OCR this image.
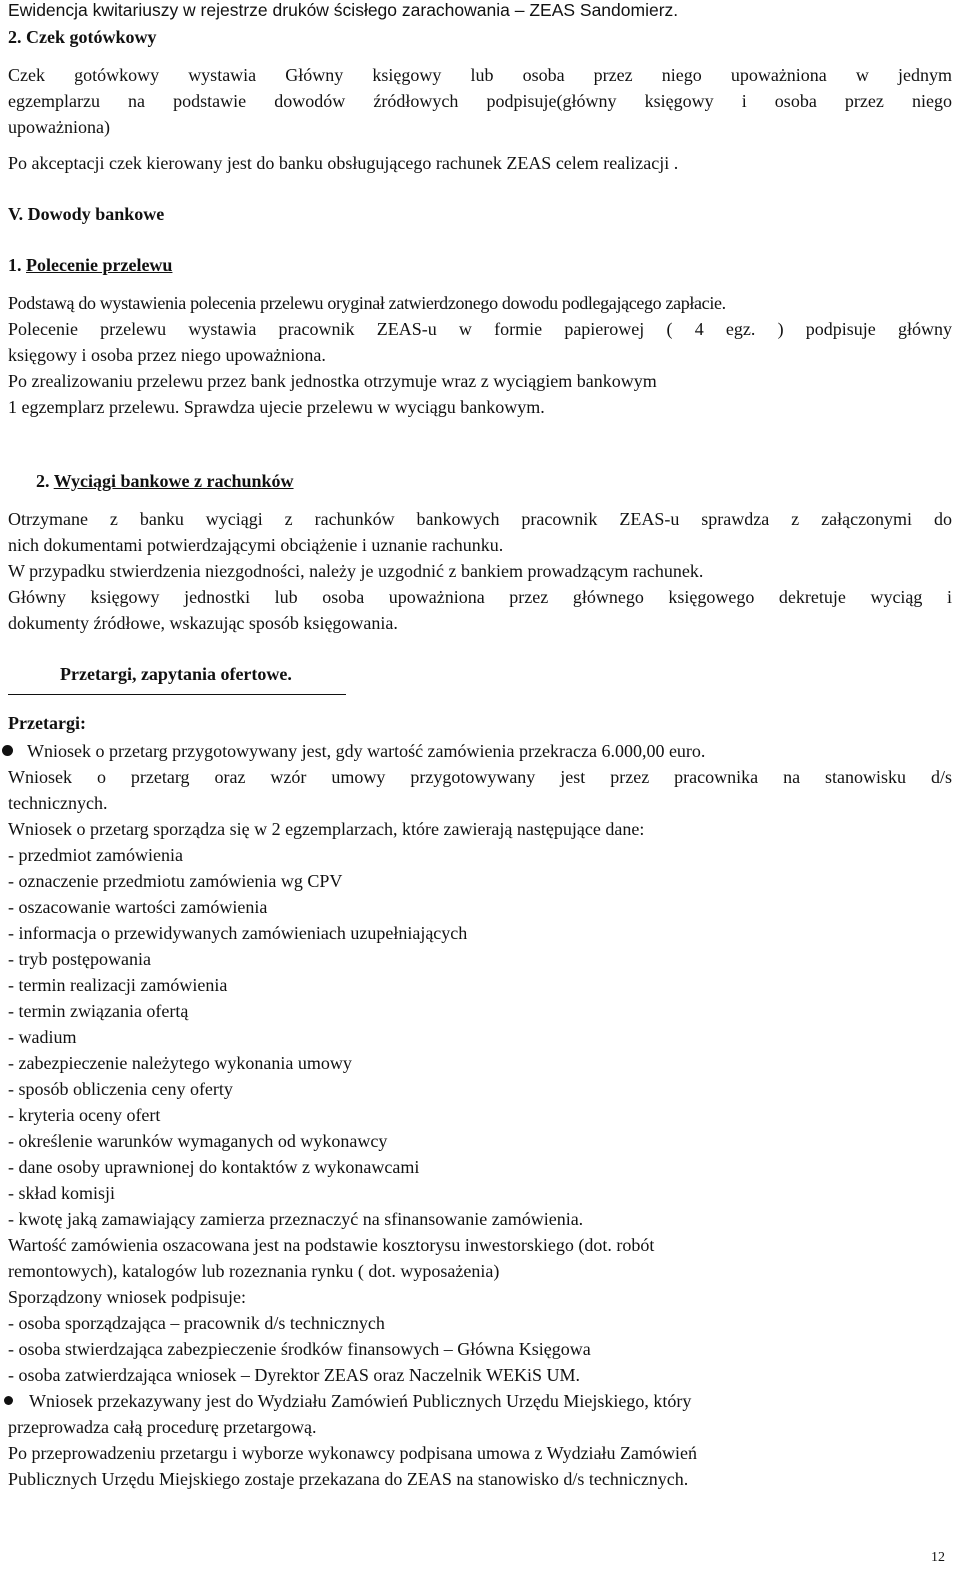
Ewidencja kwitariuszy w rejestrze druków ścisłego zarachowania – ZEAS Sandomierz.
2. Czek gotówkowy
Czek gotówkowy wystawia Główny księgowy lub osoba przez niego upoważniona w jednym
egzemplarzu na podstawie dowodów źródłowych podpisuje(główny księgowy i osoba przez niego
upoważniona)
Po akceptacji czek kierowany jest do banku obsługującego rachunek ZEAS celem realizacji .
V. Dowody bankowe
1. Polecenie przelewu
Podstawą do wystawienia polecenia przelewu oryginał zatwierdzonego dowodu podlegającego zapłacie.
Polecenie przelewu wystawia pracownik ZEAS-u w formie papierowej ( 4 egz. ) podpisuje główny
księgowy i osoba przez niego upoważniona.
Po zrealizowaniu przelewu przez bank jednostka otrzymuje wraz z wyciągiem bankowym
1 egzemplarz przelewu. Sprawdza ujecie przelewu w wyciągu bankowym.
2. Wyciągi bankowe z rachunków
Otrzymane z banku wyciągi z rachunków bankowych pracownik ZEAS-u sprawdza z załączonymi do
nich dokumentami potwierdzającymi obciążenie i uznanie rachunku.
W przypadku stwierdzenia niezgodności, należy je uzgodnić z bankiem prowadzącym rachunek.
Główny księgowy jednostki lub osoba upoważniona przez głównego księgowego dekretuje wyciąg i
dokumenty źródłowe, wskazując sposób księgowania.
Przetargi, zapytania ofertowe.
Przetargi:
Wniosek o przetarg przygotowywany jest, gdy wartość zamówienia przekracza 6.000,00 euro.
Wniosek o przetarg oraz wzór umowy przygotowywany jest przez pracownika na stanowisku d/s
technicznych.
Wniosek o przetarg sporządza się w 2 egzemplarzach, które zawierają następujące dane:
- przedmiot zamówienia
- oznaczenie przedmiotu zamówienia wg CPV
- oszacowanie wartości zamówienia
- informacja o przewidywanych zamówieniach uzupełniających
- tryb postępowania
- termin realizacji zamówienia
- termin związania ofertą
- wadium
- zabezpieczenie należytego wykonania umowy
- sposób obliczenia ceny oferty
- kryteria oceny ofert
- określenie warunków wymaganych od wykonawcy
- dane osoby uprawnionej do kontaktów z wykonawcami
- skład komisji
- kwotę jaką zamawiający zamierza przeznaczyć na sfinansowanie zamówienia.
Wartość zamówienia oszacowana jest na podstawie kosztorysu inwestorskiego (dot. robót
remontowych), katalogów lub rozeznania rynku ( dot. wyposażenia)
Sporządzony wniosek podpisuje:
- osoba sporządzająca – pracownik d/s technicznych
- osoba stwierdzająca zabezpieczenie środków finansowych – Główna Księgowa
- osoba zatwierdzająca wniosek – Dyrektor ZEAS oraz Naczelnik WEKiS UM.
Wniosek przekazywany jest do Wydziału Zamówień Publicznych Urzędu Miejskiego, który
przeprowadza całą procedurę przetargową.
Po przeprowadzeniu przetargu i wyborze wykonawcy podpisana umowa z Wydziału Zamówień
Publicznych Urzędu Miejskiego zostaje przekazana do ZEAS na stanowisko d/s technicznych.
12
